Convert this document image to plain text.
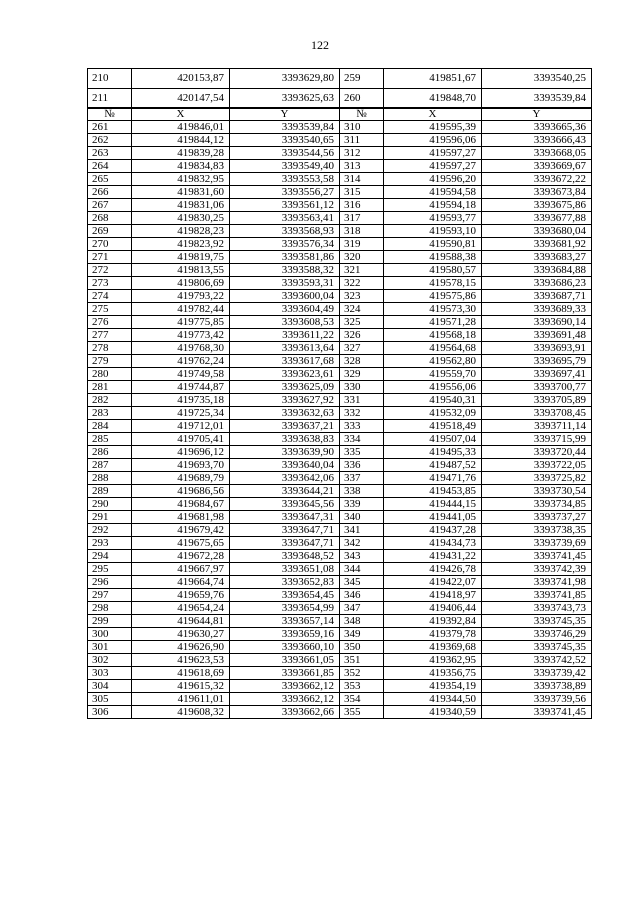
122
210	420153,87	3393629,80	259	419851,67	3393540,25
211	420147,54	3393625,63	260	419848,70	3393539,84
№	X	Y	№	X	Y
261	419846,01	3393539,84	310	419595,39	3393665,36
262	419844,12	3393540,65	311	419596,06	3393666,43
263	419839,28	3393544,56	312	419597,27	3393668,05
264	419834,83	3393549,40	313	419597,27	3393669,67
265	419832,95	3393553,58	314	419596,20	3393672,22
266	419831,60	3393556,27	315	419594,58	3393673,84
267	419831,06	3393561,12	316	419594,18	3393675,86
268	419830,25	3393563,41	317	419593,77	3393677,88
269	419828,23	3393568,93	318	419593,10	3393680,04
270	419823,92	3393576,34	319	419590,81	3393681,92
271	419819,75	3393581,86	320	419588,38	3393683,27
272	419813,55	3393588,32	321	419580,57	3393684,88
273	419806,69	3393593,31	322	419578,15	3393686,23
274	419793,22	3393600,04	323	419575,86	3393687,71
275	419782,44	3393604,49	324	419573,30	3393689,33
276	419775,85	3393608,53	325	419571,28	3393690,14
277	419773,42	3393611,22	326	419568,18	3393691,48
278	419768,30	3393613,64	327	419564,68	3393693,91
279	419762,24	3393617,68	328	419562,80	3393695,79
280	419749,58	3393623,61	329	419559,70	3393697,41
281	419744,87	3393625,09	330	419556,06	3393700,77
282	419735,18	3393627,92	331	419540,31	3393705,89
283	419725,34	3393632,63	332	419532,09	3393708,45
284	419712,01	3393637,21	333	419518,49	3393711,14
285	419705,41	3393638,83	334	419507,04	3393715,99
286	419696,12	3393639,90	335	419495,33	3393720,44
287	419693,70	3393640,04	336	419487,52	3393722,05
288	419689,79	3393642,06	337	419471,76	3393725,82
289	419686,56	3393644,21	338	419453,85	3393730,54
290	419684,67	3393645,56	339	419444,15	3393734,85
291	419681,98	3393647,31	340	419441,05	3393737,27
292	419679,42	3393647,71	341	419437,28	3393738,35
293	419675,65	3393647,71	342	419434,73	3393739,69
294	419672,28	3393648,52	343	419431,22	3393741,45
295	419667,97	3393651,08	344	419426,78	3393742,39
296	419664,74	3393652,83	345	419422,07	3393741,98
297	419659,76	3393654,45	346	419418,97	3393741,85
298	419654,24	3393654,99	347	419406,44	3393743,73
299	419644,81	3393657,14	348	419392,84	3393745,35
300	419630,27	3393659,16	349	419379,78	3393746,29
301	419626,90	3393660,10	350	419369,68	3393745,35
302	419623,53	3393661,05	351	419362,95	3393742,52
303	419618,69	3393661,85	352	419356,75	3393739,42
304	419615,32	3393662,12	353	419354,19	3393738,89
305	419611,01	3393662,12	354	419344,50	3393739,56
306	419608,32	3393662,66	355	419340,59	3393741,45
